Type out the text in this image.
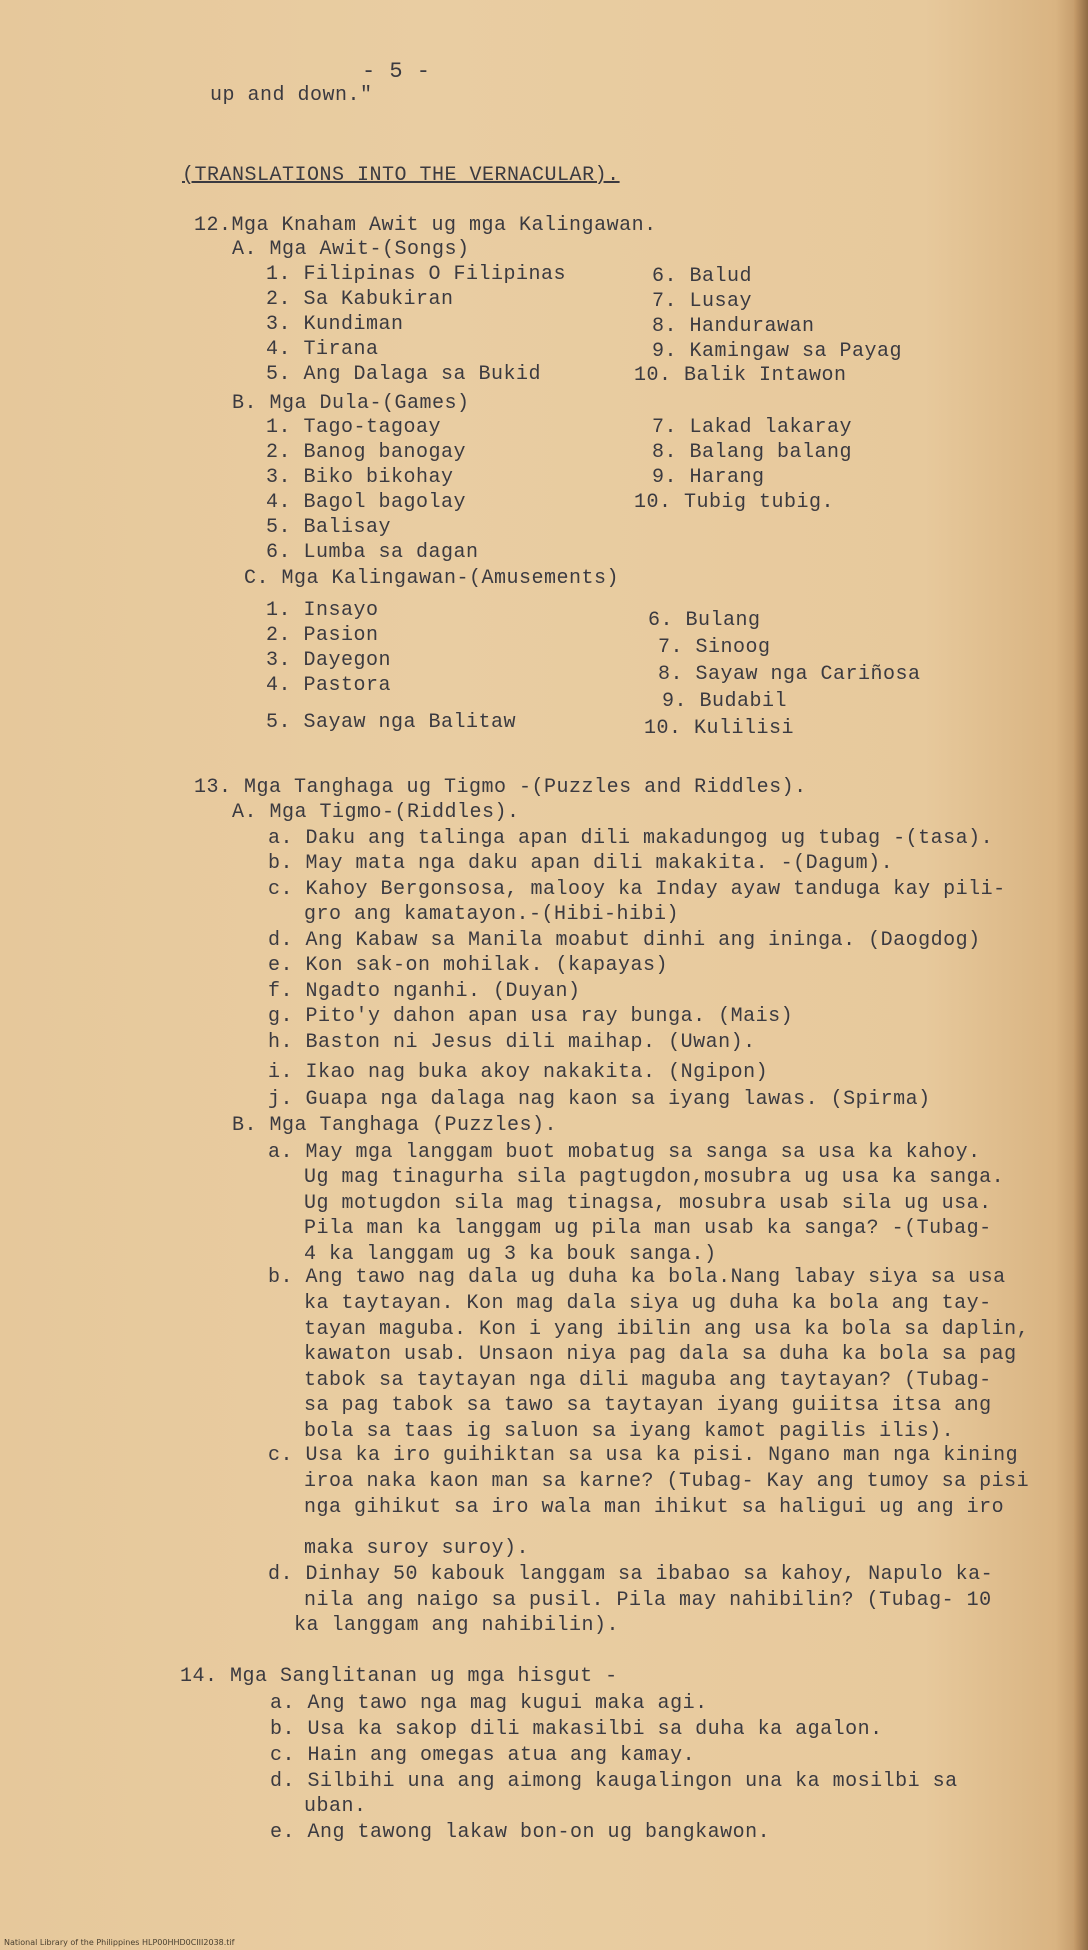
- 5 -
up and down."
(TRANSLATIONS INTO THE VERNACULAR).
12.Mga Knaham Awit ug mga Kalingawan.
A. Mga Awit-(Songs)
1. Filipinas O Filipinas
2. Sa Kabukiran
3. Kundiman
4. Tirana
5. Ang Dalaga sa Bukid
6. Balud
7. Lusay
8. Handurawan
9. Kamingaw sa Payag
10. Balik Intawon
B. Mga Dula-(Games)
1. Tago-tagoay
2. Banog banogay
3. Biko bikohay
4. Bagol bagolay
5. Balisay
6. Lumba sa dagan
7. Lakad lakaray
8. Balang balang
9. Harang
10. Tubig tubig.
C. Mga Kalingawan-(Amusements)
1. Insayo
2. Pasion
3. Dayegon
4. Pastora
5. Sayaw nga Balitaw
6. Bulang
7. Sinoog
8. Sayaw nga Cariñosa
9. Budabil
10. Kulilisi
13. Mga Tanghaga ug Tigmo -(Puzzles and Riddles).
A. Mga Tigmo-(Riddles).
a. Daku ang talinga apan dili makadungog ug tubag -(tasa).
b. May mata nga daku apan dili makakita. -(Dagum).
c. Kahoy Bergonsosa, malooy ka Inday ayaw tanduga kay pili-
gro ang kamatayon.-(Hibi-hibi)
d. Ang Kabaw sa Manila moabut dinhi ang ininga. (Daogdog)
e. Kon sak-on mohilak. (kapayas)
f. Ngadto nganhi. (Duyan)
g. Pito'y dahon apan usa ray bunga. (Mais)
h. Baston ni Jesus dili maihap. (Uwan).
i. Ikao nag buka akoy nakakita. (Ngipon)
j. Guapa nga dalaga nag kaon sa iyang lawas. (Spirma)
B. Mga Tanghaga (Puzzles).
a. May mga langgam buot mobatug sa sanga sa usa ka kahoy.
Ug mag tinagurha sila pagtugdon,mosubra ug usa ka sanga.
Ug motugdon sila mag tinagsa, mosubra usab sila ug usa.
Pila man ka langgam ug pila man usab ka sanga? -(Tubag-
4 ka langgam ug 3 ka bouk sanga.)
b. Ang tawo nag dala ug duha ka bola.Nang labay siya sa usa
ka taytayan. Kon mag dala siya ug duha ka bola ang tay-
tayan maguba. Kon i yang ibilin ang usa ka bola sa daplin,
kawaton usab. Unsaon niya pag dala sa duha ka bola sa pag
tabok sa taytayan nga dili maguba ang taytayan? (Tubag-
sa pag tabok sa tawo sa taytayan iyang guiitsa itsa ang
bola sa taas ig saluon sa iyang kamot pagilis ilis).
c. Usa ka iro guihiktan sa usa ka pisi. Ngano man nga kining
iroa naka kaon man sa karne? (Tubag- Kay ang tumoy sa pisi
nga gihikut sa iro wala man ihikut sa haligui ug ang iro
maka suroy suroy).
d. Dinhay 50 kabouk langgam sa ibabao sa kahoy, Napulo ka-
nila ang naigo sa pusil. Pila may nahibilin? (Tubag- 10
ka langgam ang nahibilin).
14. Mga Sanglitanan ug mga hisgut -
a. Ang tawo nga mag kugui maka agi.
b. Usa ka sakop dili makasilbi sa duha ka agalon.
c. Hain ang omegas atua ang kamay.
d. Silbihi una ang aimong kaugalingon una ka mosilbi sa
uban.
e. Ang tawong lakaw bon-on ug bangkawon.
National Library of the Philippines HLP00HHD0CIII2038.tif
